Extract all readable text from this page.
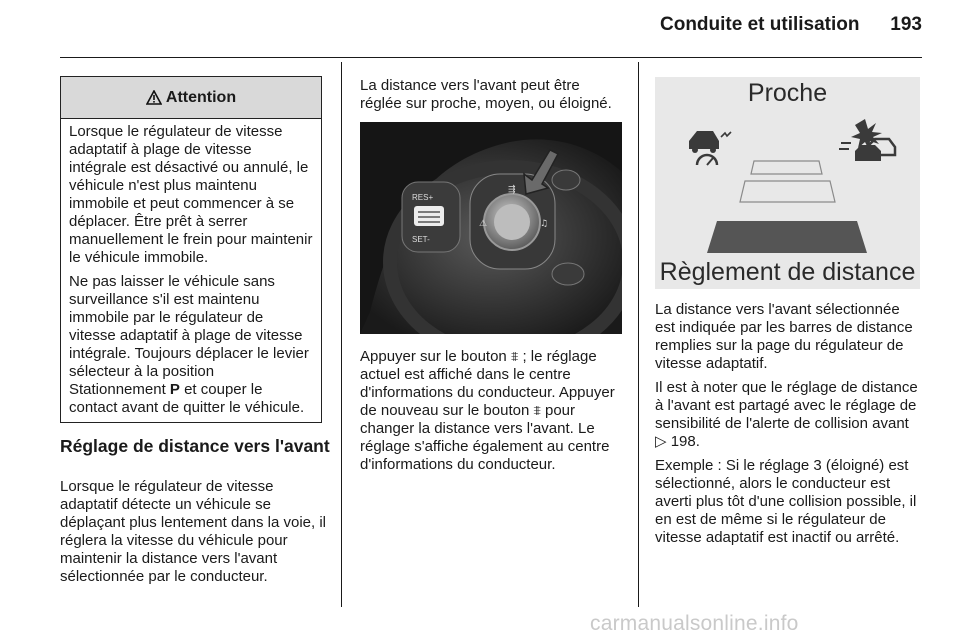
Conduite et utilisation 193
Attention

Lorsque le régulateur de vitesse adaptatif à plage de vitesse intégrale est désactivé ou annulé, le véhicule n'est plus maintenu immobile et peut commencer à se déplacer. Être prêt à serrer manuellement le frein pour maintenir le véhicule immobile.

Ne pas laisser le véhicule sans surveillance s'il est maintenu immobile par le régulateur de vitesse adaptatif à plage de vitesse intégrale. Toujours déplacer le levier sélecteur à la position Stationnement P et couper le contact avant de quitter le véhicule.

Réglage de distance vers l'avant
Lorsque le régulateur de vitesse adaptatif détecte un véhicule se déplaçant plus lentement dans la voie, il réglera la vitesse du véhicule pour maintenir la distance vers l'avant sélectionnée par le conducteur.

La distance vers l'avant peut être réglée sur proche, moyen, ou éloigné.

RES+
SET-
⇶
⚠	♫
Appuyer sur le bouton ⩨ ; le réglage actuel est affiché dans le centre d'informations du conducteur. Appuyer de nouveau sur le bouton ⩨ pour changer la distance vers l'avant. Le réglage s'affiche également au centre d'informations du conducteur.
Proche
Règlement de distance

La distance vers l'avant sélectionnée est indiquée par les barres de distance remplies sur la page du régulateur de vitesse adaptatif.

Il est à noter que le réglage de distance à l'avant est partagé avec le réglage de sensibilité de l'alerte de collision avant ▷ 198.

Exemple : Si le réglage 3 (éloigné) est sélectionné, alors le conducteur est averti plus tôt d'une collision possible, il en est de même si le régulateur de vitesse adaptatif est inactif ou arrêté.

carmanualsonline.info
